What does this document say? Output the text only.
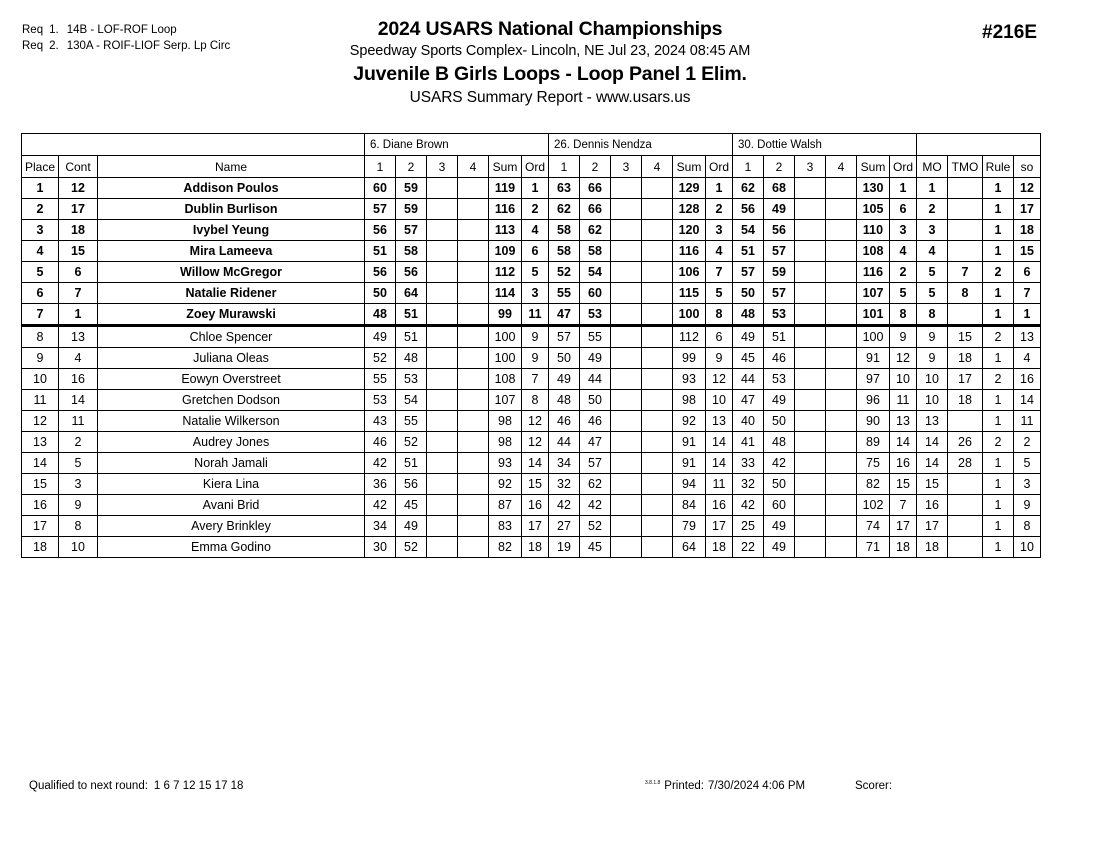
Req 1. 14B - LOF-ROF Loop
Req 2. 130A - ROIF-LIOF Serp. Lp Circ
2024 USARS National Championships
Speedway Sports Complex- Lincoln, NE Jul 23, 2024 08:45 AM
Juvenile B Girls Loops - Loop Panel 1 Elim.
USARS Summary Report - www.usars.us
#216E
			6. Diane Brown						26. Dennis Nendza						30. Dottie Walsh									
Place	Cont	Name	1	2	3	4	Sum	Ord	1	2	3	4	Sum	Ord	1	2	3	4	Sum	Ord	MO	TMO	Rule	so
1	12	Addison Poulos	60	59			119	1	63	66			129	1	62	68			130	1	1		1	12
2	17	Dublin Burlison	57	59			116	2	62	66			128	2	56	49			105	6	2		1	17
3	18	Ivybel Yeung	56	57			113	4	58	62			120	3	54	56			110	3	3		1	18
4	15	Mira Lameeva	51	58			109	6	58	58			116	4	51	57			108	4	4		1	15
5	6	Willow McGregor	56	56			112	5	52	54			106	7	57	59			116	2	5	7	2	6
6	7	Natalie Ridener	50	64			114	3	55	60			115	5	50	57			107	5	5	8	1	7
7	1	Zoey Murawski	48	51			99	11	47	53			100	8	48	53			101	8	8		1	1
8	13	Chloe Spencer	49	51			100	9	57	55			112	6	49	51			100	9	9	15	2	13
9	4	Juliana Oleas	52	48			100	9	50	49			99	9	45	46			91	12	9	18	1	4
10	16	Eowyn Overstreet	55	53			108	7	49	44			93	12	44	53			97	10	10	17	2	16
11	14	Gretchen Dodson	53	54			107	8	48	50			98	10	47	49			96	11	10	18	1	14
12	11	Natalie Wilkerson	43	55			98	12	46	46			92	13	40	50			90	13	13		1	11
13	2	Audrey Jones	46	52			98	12	44	47			91	14	41	48			89	14	14	26	2	2
14	5	Norah Jamali	42	51			93	14	34	57			91	14	33	42			75	16	14	28	1	5
15	3	Kiera Lina	36	56			92	15	32	62			94	11	32	50			82	15	15		1	3
16	9	Avani Brid	42	45			87	16	42	42			84	16	42	60			102	7	16		1	9
17	8	Avery Brinkley	34	49			83	17	27	52			79	17	25	49			74	17	17		1	8
18	10	Emma Godino	30	52			82	18	19	45			64	18	22	49			71	18	18		1	10
Qualified to next round: 1 6 7 12 15 17 18	$^{3.8.1.8}$ Printed: 7/30/2024 4:06 PM	Scorer:
